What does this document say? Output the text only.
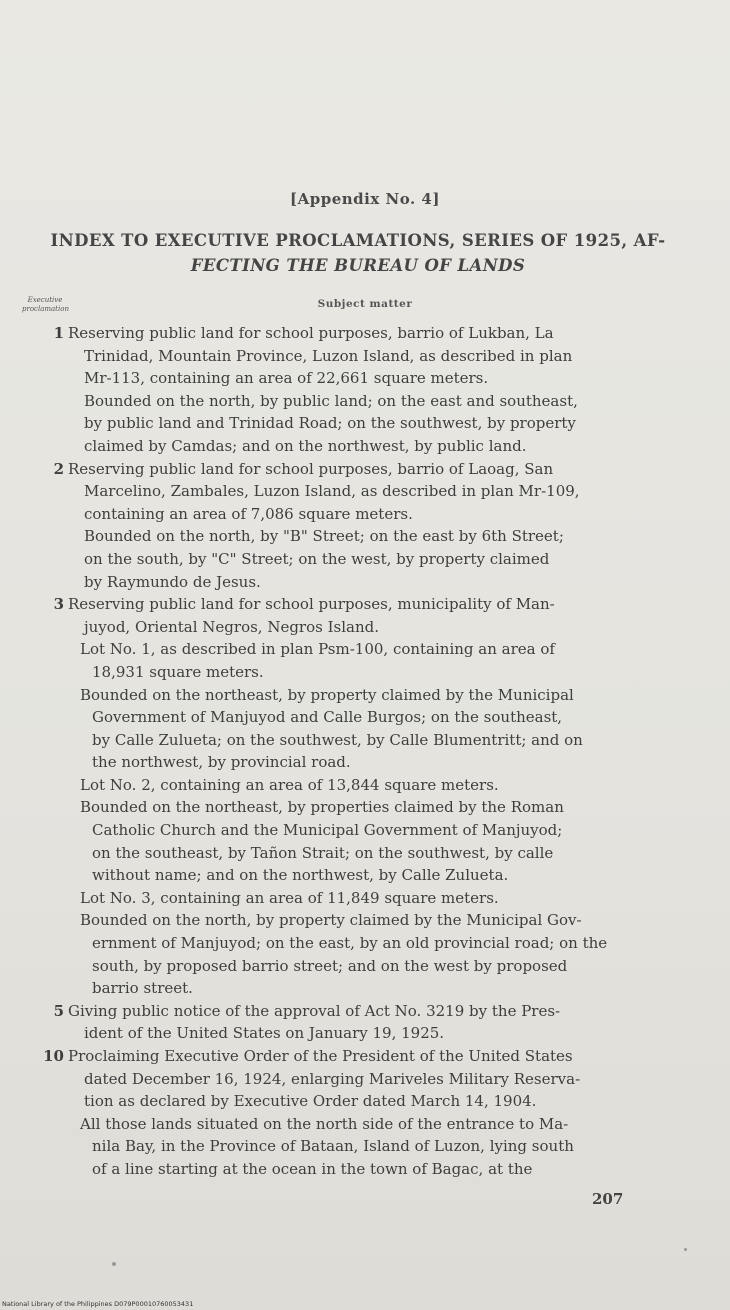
[Appendix No. 4]
INDEX TO EXECUTIVE PROCLAMATIONS, SERIES OF 1925, AF-
FECTING THE BUREAU OF LANDS
Executive proclamation	Subject matter
1 Reserving public land for school purposes, barrio of Lukban, La
Trinidad, Mountain Province, Luzon Island, as described in plan
Mr-113, containing an area of 22,661 square meters.
Bounded on the north, by public land; on the east and southeast,
by public land and Trinidad Road; on the southwest, by property
claimed by Camdas; and on the northwest, by public land.
2 Reserving public land for school purposes, barrio of Laoag, San
Marcelino, Zambales, Luzon Island, as described in plan Mr-109,
containing an area of 7,086 square meters.
Bounded on the north, by "B" Street; on the east by 6th Street;
on the south, by "C" Street; on the west, by property claimed
by Raymundo de Jesus.
3 Reserving public land for school purposes, municipality of Man-
juyod, Oriental Negros, Negros Island.
Lot No. 1, as described in plan Psm-100, containing an area of
18,931 square meters.
Bounded on the northeast, by property claimed by the Municipal
Government of Manjuyod and Calle Burgos; on the southeast,
by Calle Zulueta; on the southwest, by Calle Blumentritt; and on
the northwest, by provincial road.
Lot No. 2, containing an area of 13,844 square meters.
Bounded on the northeast, by properties claimed by the Roman
Catholic Church and the Municipal Government of Manjuyod;
on the southeast, by Tañon Strait; on the southwest, by calle
without name; and on the northwest, by Calle Zulueta.
Lot No. 3, containing an area of 11,849 square meters.
Bounded on the north, by property claimed by the Municipal Gov-
ernment of Manjuyod; on the east, by an old provincial road; on the
south, by proposed barrio street; and on the west by proposed
barrio street.
5 Giving public notice of the approval of Act No. 3219 by the Pres-
ident of the United States on January 19, 1925.
10 Proclaiming Executive Order of the President of the United States
dated December 16, 1924, enlarging Mariveles Military Reserva-
tion as declared by Executive Order dated March 14, 1904.
All those lands situated on the north side of the entrance to Ma-
nila Bay, in the Province of Bataan, Island of Luzon, lying south
of a line starting at the ocean in the town of Bagac, at the
207
National Library of the Philippines D079P00010760053431
